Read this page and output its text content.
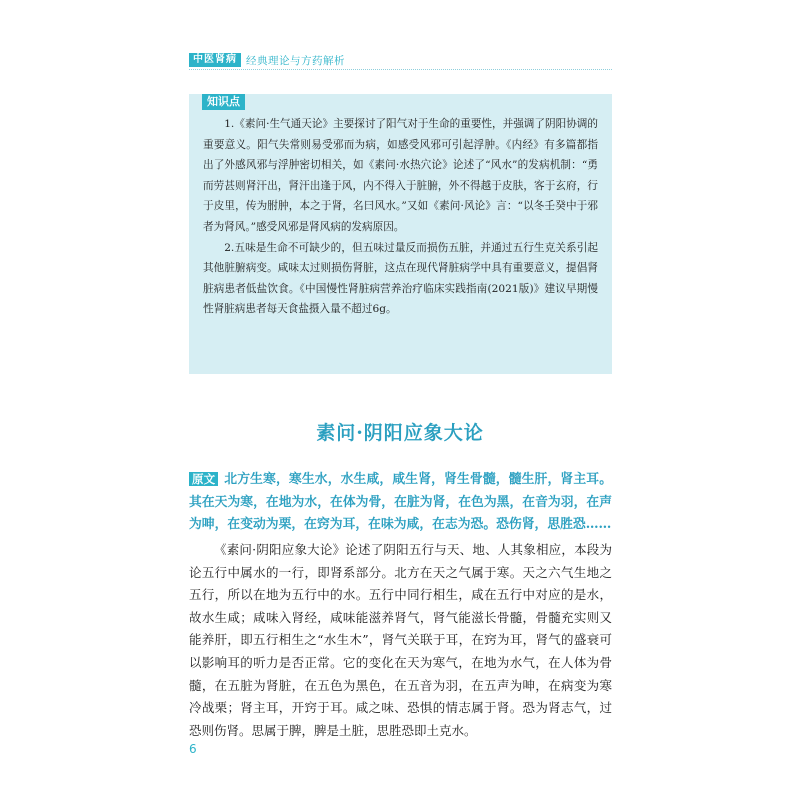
中医肾病 经典理论与方药解析
知识点

1.《素问·生气通天论》主要探讨了阳气对于生命的重要性，并强调了阴阳协调的重要意义。阳气失常则易受邪而为病，如感受风邪可引起浮肿。《内经》有多篇都指出了外感风邪与浮肿密切相关，如《素问·水热穴论》论述了“风水”的发病机制：“勇而劳甚则肾汗出，肾汗出逢于风，内不得入于脏腑，外不得越于皮肤，客于玄府，行于皮里，传为胕肿，本之于肾，名曰风水。”又如《素问·风论》言：“以冬壬癸中于邪者为肾风。”感受风邪是肾风病的发病原因。

2.五味是生命不可缺少的，但五味过量反而损伤五脏，并通过五行生克关系引起其他脏腑病变。咸味太过则损伤肾脏，这点在现代肾脏病学中具有重要意义，提倡肾脏病患者低盐饮食。《中国慢性肾脏病营养治疗临床实践指南(2021版)》建议早期慢性肾脏病患者每天食盐摄入量不超过6g。

素问·阴阳应象大论

原文 北方生寒，寒生水，水生咸，咸生肾，肾生骨髓，髓生肝，肾主耳。其在天为寒，在地为水，在体为骨，在脏为肾，在色为黑，在音为羽，在声为呻，在变动为栗，在窍为耳，在味为咸，在志为恐。恐伤肾，思胜恐……

《素问·阴阳应象大论》论述了阴阳五行与天、地、人其象相应，本段为论五行中属水的一行，即肾系部分。北方在天之气属于寒。天之六气生地之五行，所以在地为五行中的水。五行中同行相生，咸在五行中对应的是水，故水生咸；咸味入肾经，咸味能滋养肾气，肾气能滋长骨髓，骨髓充实则又能养肝，即五行相生之“水生木”，肾气关联于耳，在窍为耳，肾气的盛衰可以影响耳的听力是否正常。它的变化在天为寒气，在地为水气，在人体为骨髓，在五脏为肾脏，在五色为黑色，在五音为羽，在五声为呻，在病变为寒冷战栗；肾主耳，开窍于耳。咸之味、恐惧的情志属于肾。恐为肾志气，过恐则伤肾。思属于脾，脾是土脏，思胜恐即土克水。

6
